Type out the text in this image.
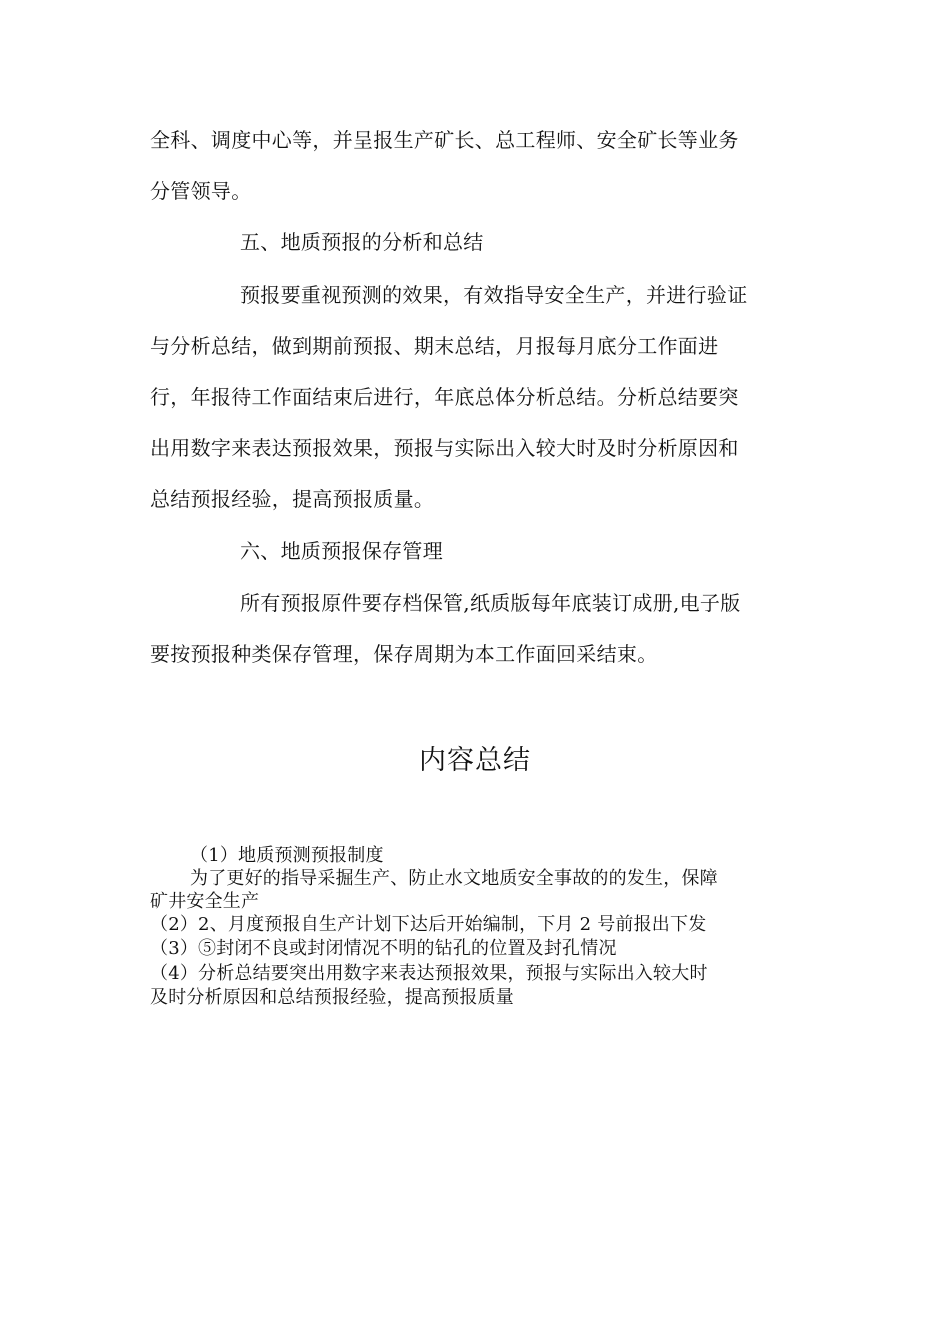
全科、调度中心等，并呈报生产矿长、总工程师、安全矿长等业务
分管领导。
五、地质预报的分析和总结
预报要重视预测的效果，有效指导安全生产，并进行验证
与分析总结，做到期前预报、期末总结，月报每月底分工作面进
行，年报待工作面结束后进行，年底总体分析总结。分析总结要突
出用数字来表达预报效果，预报与实际出入较大时及时分析原因和
总结预报经验，提高预报质量。
六、地质预报保存管理
所有预报原件要存档保管,纸质版每年底装订成册,电子版
要按预报种类保存管理，保存周期为本工作面回采结束。
内容总结
（1）地质预测预报制度
为了更好的指导采掘生产、防止水文地质安全事故的的发生，保障
矿井安全生产
（2）2、月度预报自生产计划下达后开始编制，下月 2 号前报出下发
（3）⑤封闭不良或封闭情况不明的钻孔的位置及封孔情况
（4）分析总结要突出用数字来表达预报效果，预报与实际出入较大时
及时分析原因和总结预报经验，提高预报质量
